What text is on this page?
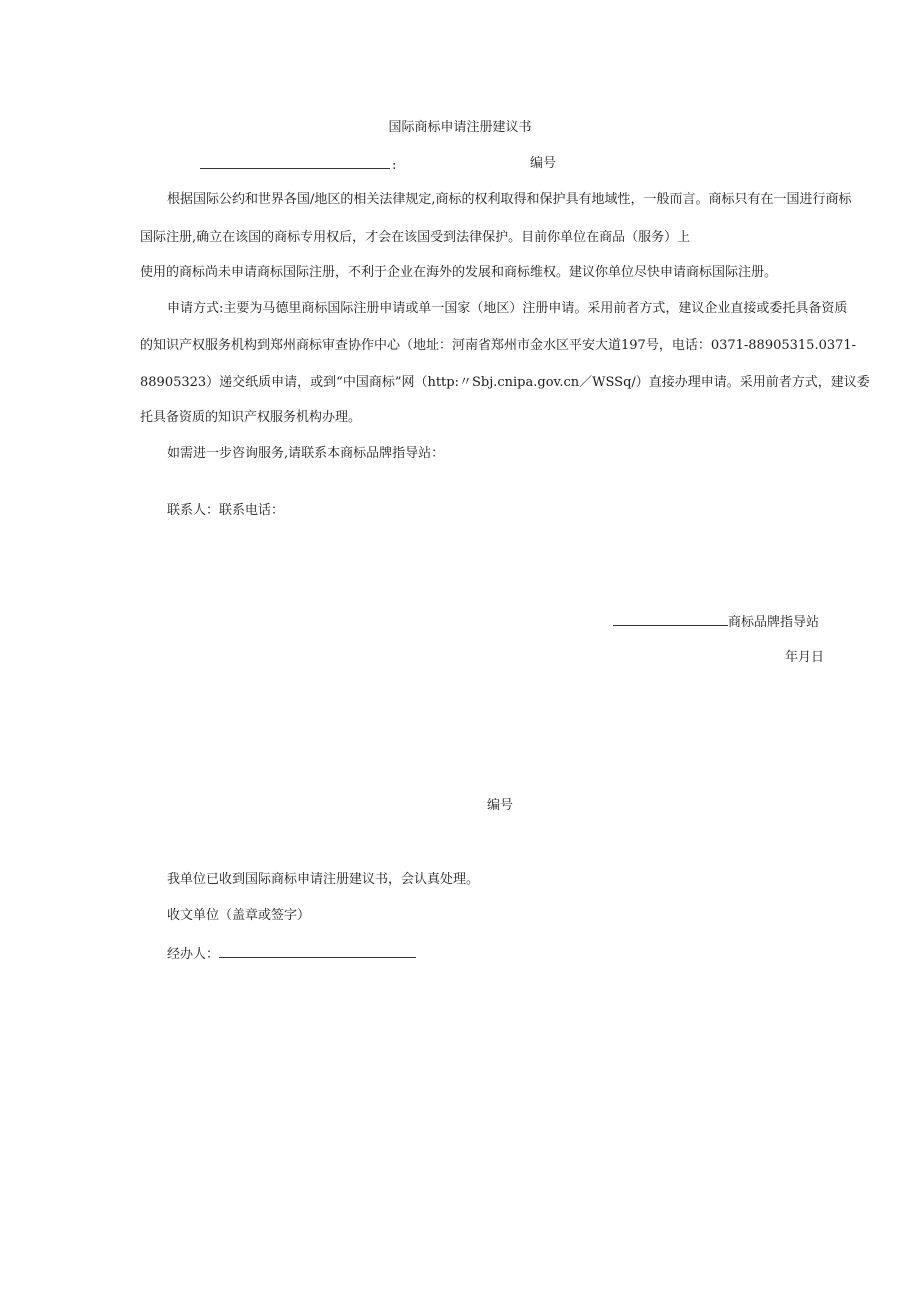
国际商标申请注册建议书
:	编号
根据国际公约和世界各国/地区的相关法律规定,商标的权利取得和保护具有地域性，一般而言。商标只有在一国进行商标
国际注册,确立在该国的商标专用权后，才会在该国受到法律保护。目前你单位在商品（服务）上
使用的商标尚未申请商标国际注册，不利于企业在海外的发展和商标维权。建议你单位尽快申请商标国际注册。
申请方式:主要为马德里商标国际注册申请或单一国家（地区）注册申请。采用前者方式，建议企业直接或委托具备资质
的知识产权服务机构到郑州商标审查协作中心（地址：河南省郑州市金水区平安大道197号，电话：0371-88905315.0371-
88905323）递交纸质申请，或到“中国商标”网（http:〃Sbj.cnipa.gov.cn／WSSq/）直接办理申请。采用前者方式，建议委
托具备资质的知识产权服务机构办理。
如需进一步咨询服务,请联系本商标品牌指导站：
联系人：联系电话：
商标品牌指导站
年月日
编号
我单位已收到国际商标申请注册建议书，会认真处理。
收文单位（盖章或签字）
经办人：
